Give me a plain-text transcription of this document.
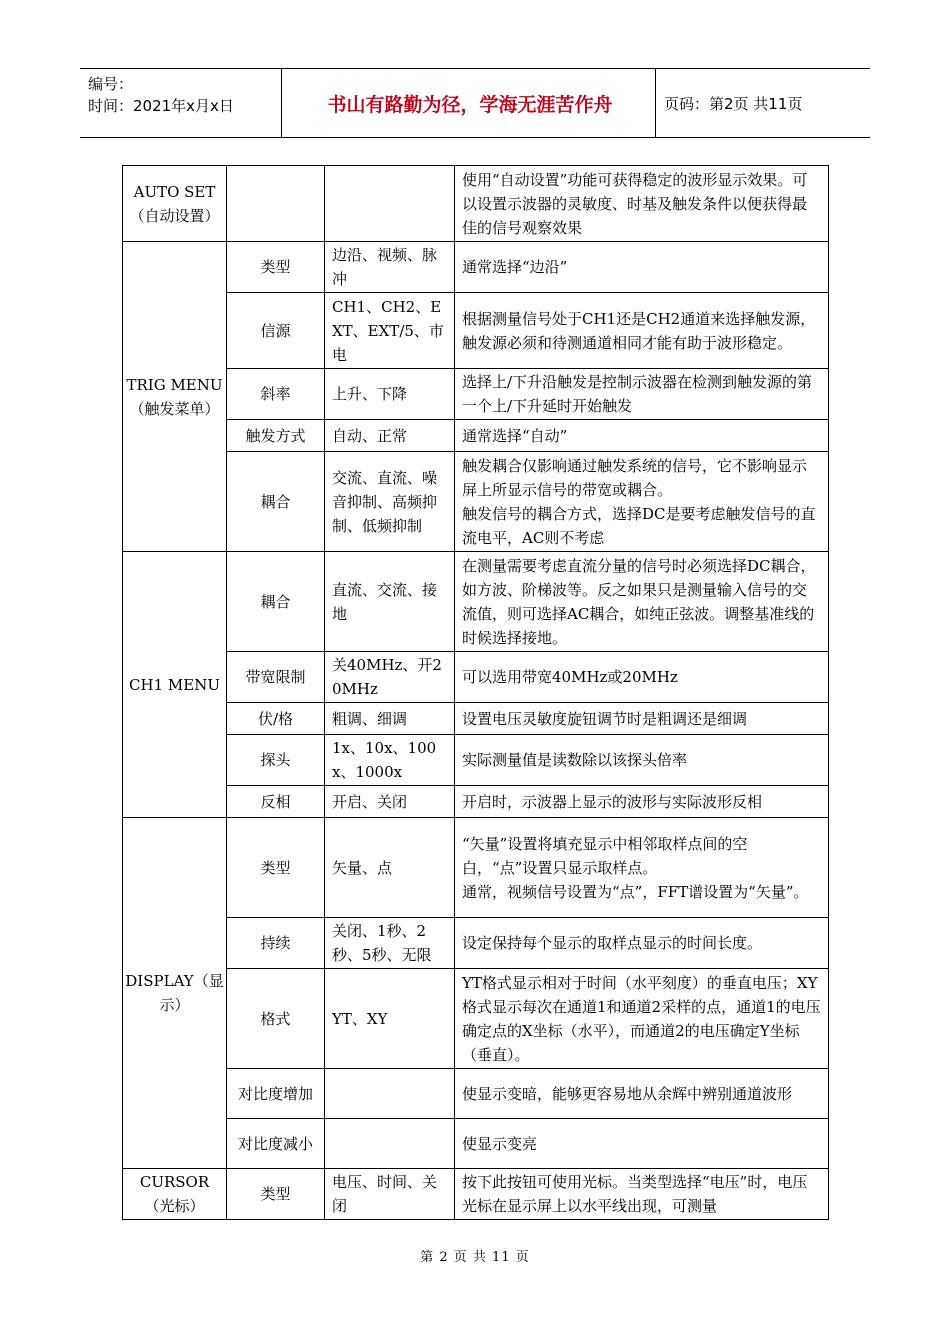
编号：
时间：2021年x月x日	书山有路勤为径，学海无涯苦作舟	页码：第2页 共11页
AUTO SET（自动设置）			使用“自动设置”功能可获得稳定的波形显示效果。可以设置示波器的灵敏度、时基及触发条件以便获得最佳的信号观察效果
TRIG MENU（触发菜单）	类型	边沿、视频、脉冲	通常选择“边沿”
	信源	CH1、CH2、EXT、EXT/5、市电	根据测量信号处于CH1还是CH2通道来选择触发源，触发源必须和待测通道相同才能有助于波形稳定。
	斜率	上升、下降	选择上/下升沿触发是控制示波器在检测到触发源的第一个上/下升延时开始触发
	触发方式	自动、正常	通常选择“自动”
	耦合	交流、直流、噪音抑制、高频抑制、低频抑制	触发耦合仅影响通过触发系统的信号，它不影响显示屏上所显示信号的带宽或耦合。
触发信号的耦合方式，选择DC是要考虑触发信号的直流电平，AC则不考虑

CH1 MENU	耦合	直流、交流、接地	在测量需要考虑直流分量的信号时必须选择DC耦合，如方波、阶梯波等。反之如果只是测量输入信号的交流值，则可选择AC耦合，如纯正弦波。调整基准线的时候选择接地。
	带宽限制	关40MHz、开20MHz	可以选用带宽40MHz或20MHz
	伏/格	粗调、细调	设置电压灵敏度旋钮调节时是粗调还是细调
	探头	1x、10x、100x、1000x	实际测量值是读数除以该探头倍率
	反相	开启、关闭	开启时，示波器上显示的波形与实际波形反相
DISPLAY（显示）	类型	矢量、点	“矢量”设置将填充显示中相邻取样点间的空白，“点”设置只显示取样点。
通常，视频信号设置为“点”，FFT谱设置为“矢量”。

	持续	关闭、1秒、2秒、5秒、无限	设定保持每个显示的取样点显示的时间长度。
	格式	YT、XY	YT格式显示相对于时间（水平刻度）的垂直电压；XY格式显示每次在通道1和通道2采样的点，通道1的电压确定点的X坐标（水平），而通道2的电压确定Y坐标（垂直）。
	对比度增加		使显示变暗，能够更容易地从余辉中辨别通道波形
	对比度减小		使显示变亮
CURSOR（光标）	类型	电压、时间、关闭	按下此按钮可使用光标。当类型选择“电压”时，电压光标在显示屏上以水平线出现，可测量
第 2 页 共 11 页
